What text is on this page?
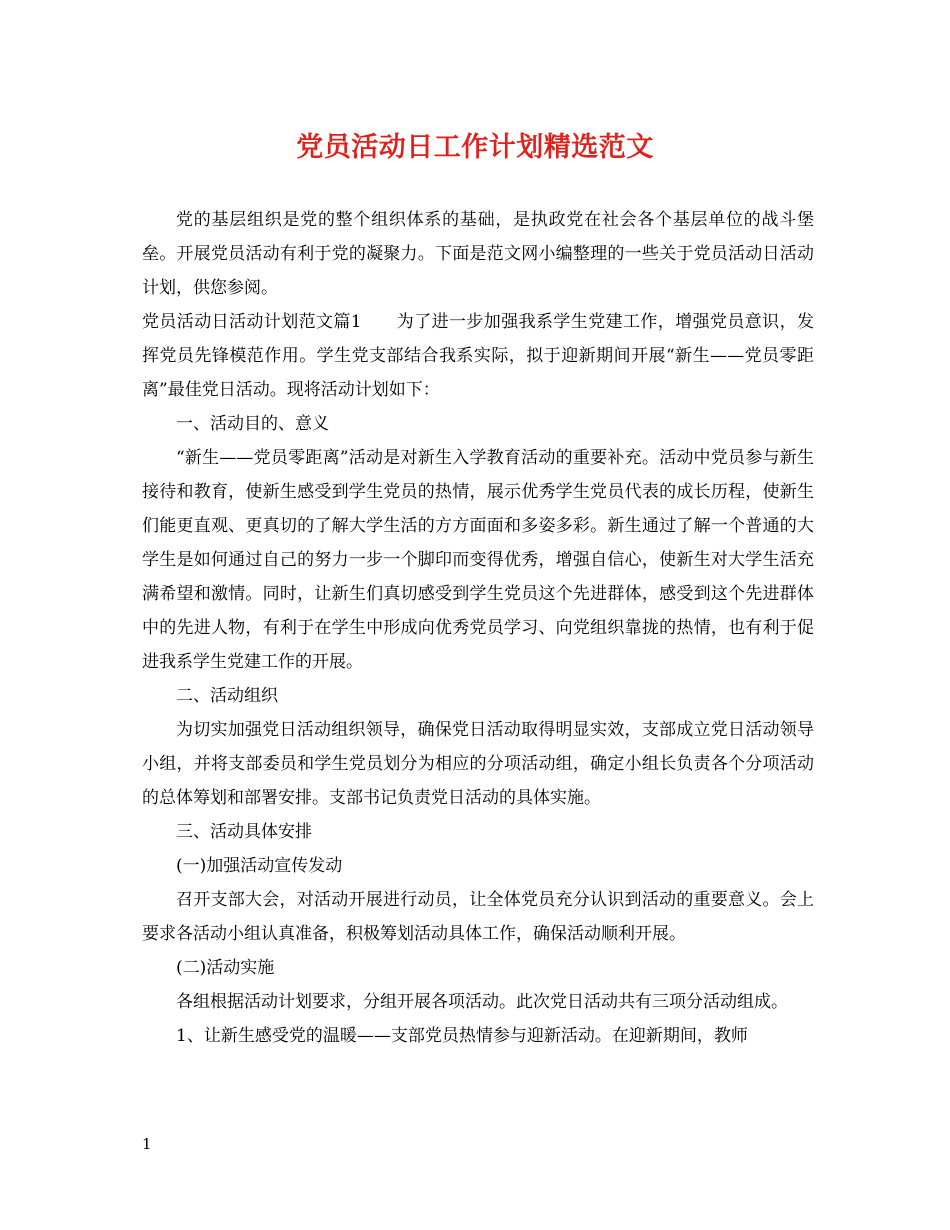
党员活动日工作计划精选范文

党的基层组织是党的整个组织体系的基础，是执政党在社会各个基层单位的战斗堡垒。开展党员活动有利于党的凝聚力。下面是范文网小编整理的一些关于党员活动日活动计划，供您参阅。

党员活动日活动计划范文篇1　　为了进一步加强我系学生党建工作，增强党员意识，发挥党员先锋模范作用。学生党支部结合我系实际，拟于迎新期间开展“新生——党员零距离”最佳党日活动。现将活动计划如下：

一、活动目的、意义

“新生——党员零距离”活动是对新生入学教育活动的重要补充。活动中党员参与新生接待和教育，使新生感受到学生党员的热情，展示优秀学生党员代表的成长历程，使新生们能更直观、更真切的了解大学生活的方方面面和多姿多彩。新生通过了解一个普通的大学生是如何通过自己的努力一步一个脚印而变得优秀，增强自信心，使新生对大学生活充满希望和激情。同时，让新生们真切感受到学生党员这个先进群体，感受到这个先进群体中的先进人物，有利于在学生中形成向优秀党员学习、向党组织靠拢的热情，也有利于促进我系学生党建工作的开展。

二、活动组织

为切实加强党日活动组织领导，确保党日活动取得明显实效，支部成立党日活动领导小组，并将支部委员和学生党员划分为相应的分项活动组，确定小组长负责各个分项活动的总体筹划和部署安排。支部书记负责党日活动的具体实施。

三、活动具体安排

(一)加强活动宣传发动

召开支部大会，对活动开展进行动员，让全体党员充分认识到活动的重要意义。会上要求各活动小组认真准备，积极筹划活动具体工作，确保活动顺利开展。

(二)活动实施

各组根据活动计划要求，分组开展各项活动。此次党日活动共有三项分活动组成。

1、让新生感受党的温暖——支部党员热情参与迎新活动。在迎新期间，教师

1
